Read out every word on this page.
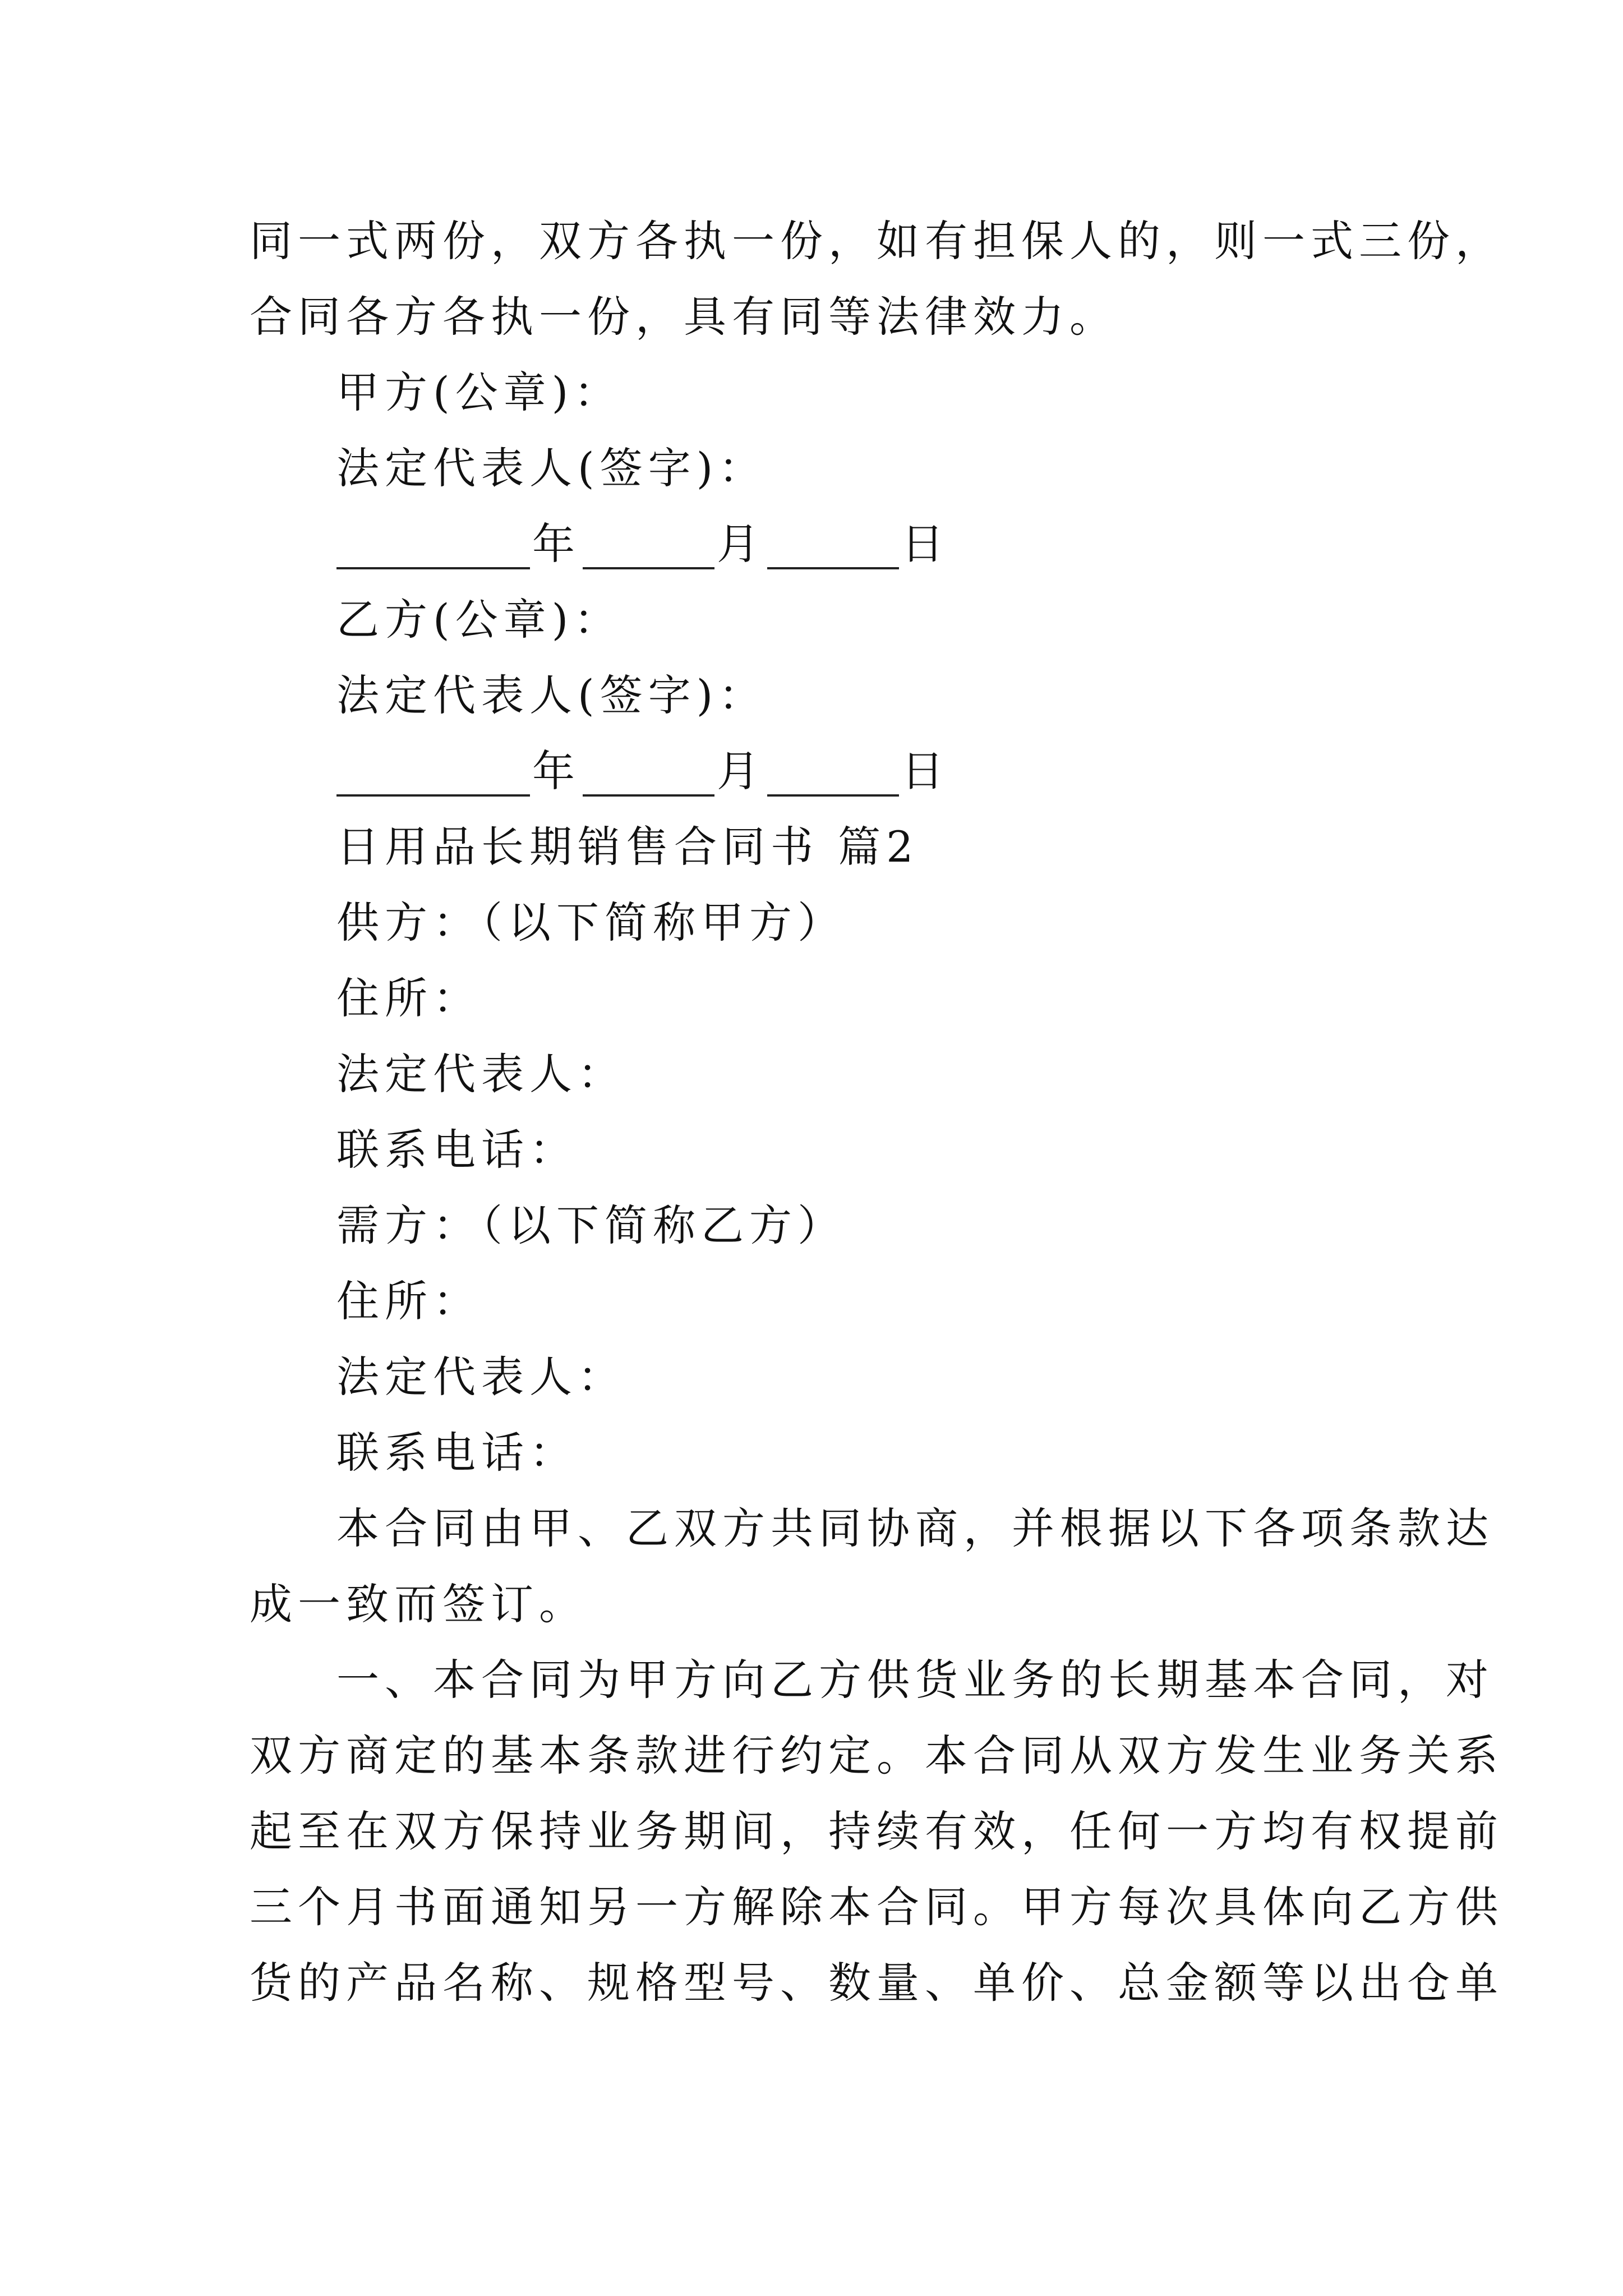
同一式两份，双方各执一份，如有担保人的，则一式三份，
合同各方各执一份，具有同等法律效力。
甲方(公章)：
法定代表人(签字)：
年	月	日
乙方(公章)：
法定代表人(签字)：
年	月	日
日用品长期销售合同书 篇2
供方：（以下简称甲方）
住所：
法定代表人：
联系电话：
需方：（以下简称乙方）
住所：
法定代表人：
联系电话：
本合同由甲、乙双方共同协商，并根据以下各项条款达
成一致而签订。
一、本合同为甲方向乙方供货业务的长期基本合同，对
双方商定的基本条款进行约定。本合同从双方发生业务关系
起至在双方保持业务期间，持续有效，任何一方均有权提前
三个月书面通知另一方解除本合同。甲方每次具体向乙方供
货的产品名称、规格型号、数量、单价、总金额等以出仓单
